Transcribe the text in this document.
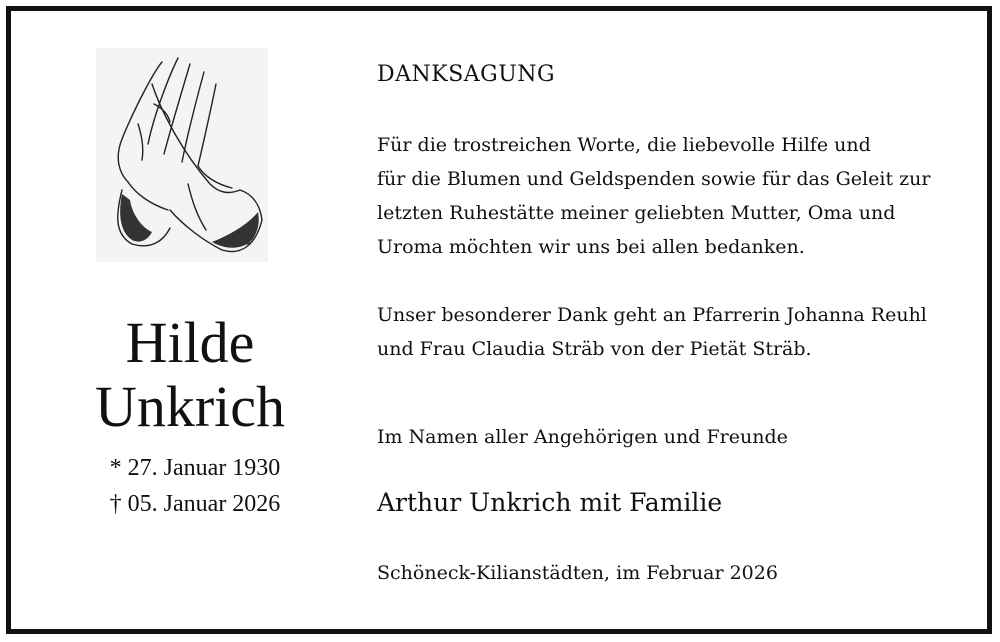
Hilde
Unkrich
* 27. Januar 1930
† 05. Januar 2026
DANKSAGUNG
Für die trostreichen Worte, die liebevolle Hilfe und
für die Blumen und Geldspenden sowie für das Geleit zur
letzten Ruhestätte meiner geliebten Mutter, Oma und
Uroma möchten wir uns bei allen bedanken.
Unser besonderer Dank geht an Pfarrerin Johanna Reuhl
und Frau Claudia Sträb von der Pietät Sträb.
Im Namen aller Angehörigen und Freunde
Arthur Unkrich mit Familie
Schöneck-Kilianstädten, im Februar 2026
